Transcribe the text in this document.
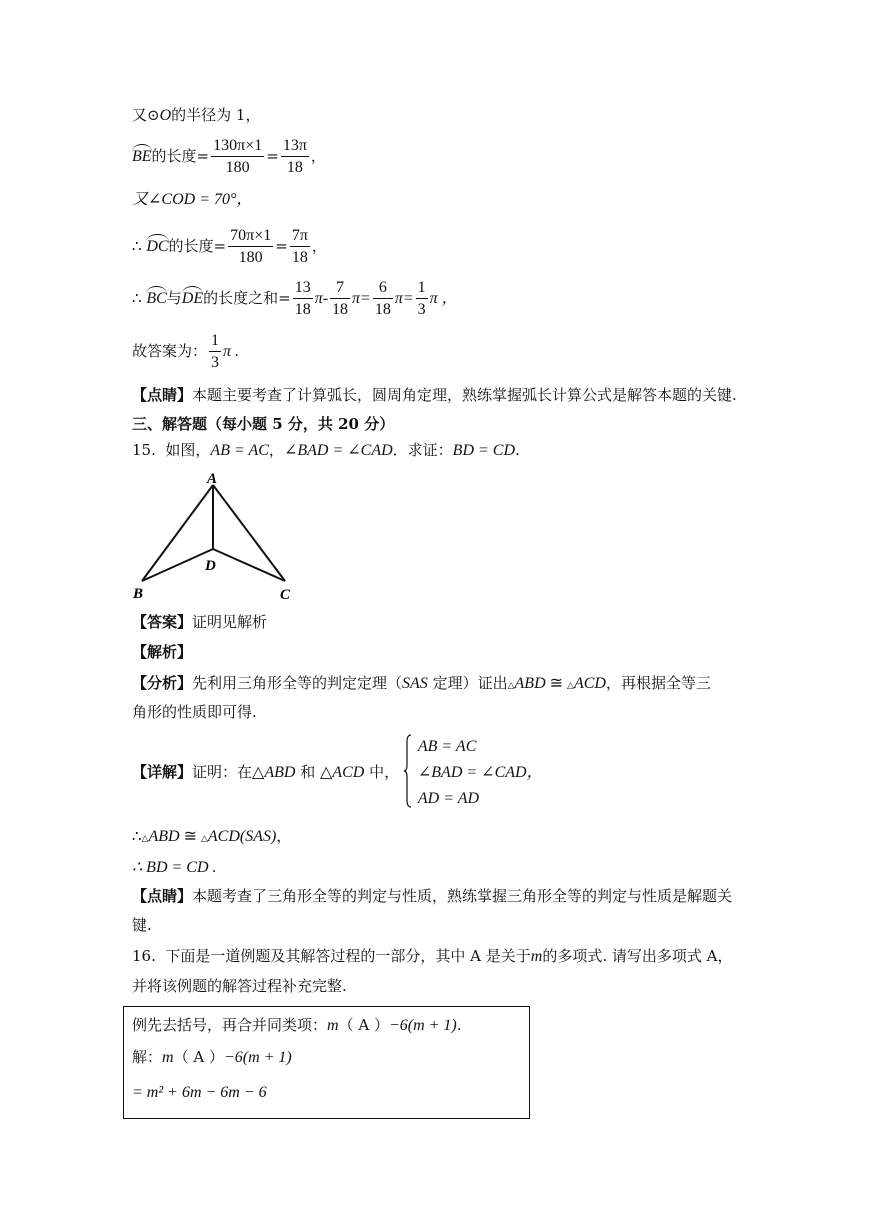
又⊙O的半径为 1，
BE的长度= $\frac{130\pi\times 1}{180} = \frac{13\pi}{18}$ ，
又∠COD = 70°，
∴ DC的长度= $\frac{70\pi\times 1}{180} = \frac{7\pi}{18}$ ，
∴ BC与DE的长度之和= $\frac{13}{18} \pi- \frac{7}{18} \pi= \frac{6}{18} \pi= \frac{1}{3}$ π ，
故答案为： $\frac{1}{3}$ π .
【点睛】本题主要考查了计算弧长，圆周角定理，熟练掌握弧长计算公式是解答本题的关键.
三、解答题（每小题 5 分，共 20 分）
15. 如图，AB = AC，∠BAD = ∠CAD．求证：BD = CD.
A
D
B	C
【答案】证明见解析
【解析】
【分析】先利用三角形全等的判定定理（SAS 定理）证出△ABD ≅ △ACD，再根据全等三
角形的性质即可得.
【详解】证明：在△ABD 和 △ACD 中，
AB = AC
∠BAD = ∠CAD，
AD = AD
∴△ABD ≅ △ACD(SAS)，
∴ BD = CD .
【点睛】本题考查了三角形全等的判定与性质，熟练掌握三角形全等的判定与性质是解题关
键.
16. 下面是一道例题及其解答过程的一部分，其中 A 是关于m的多项式. 请写出多项式 A，
并将该例题的解答过程补充完整.
例先去括号，再合并同类项：m（ A ）−6(m + 1).
解：m（ A ）−6(m + 1)
= m² + 6m − 6m − 6
